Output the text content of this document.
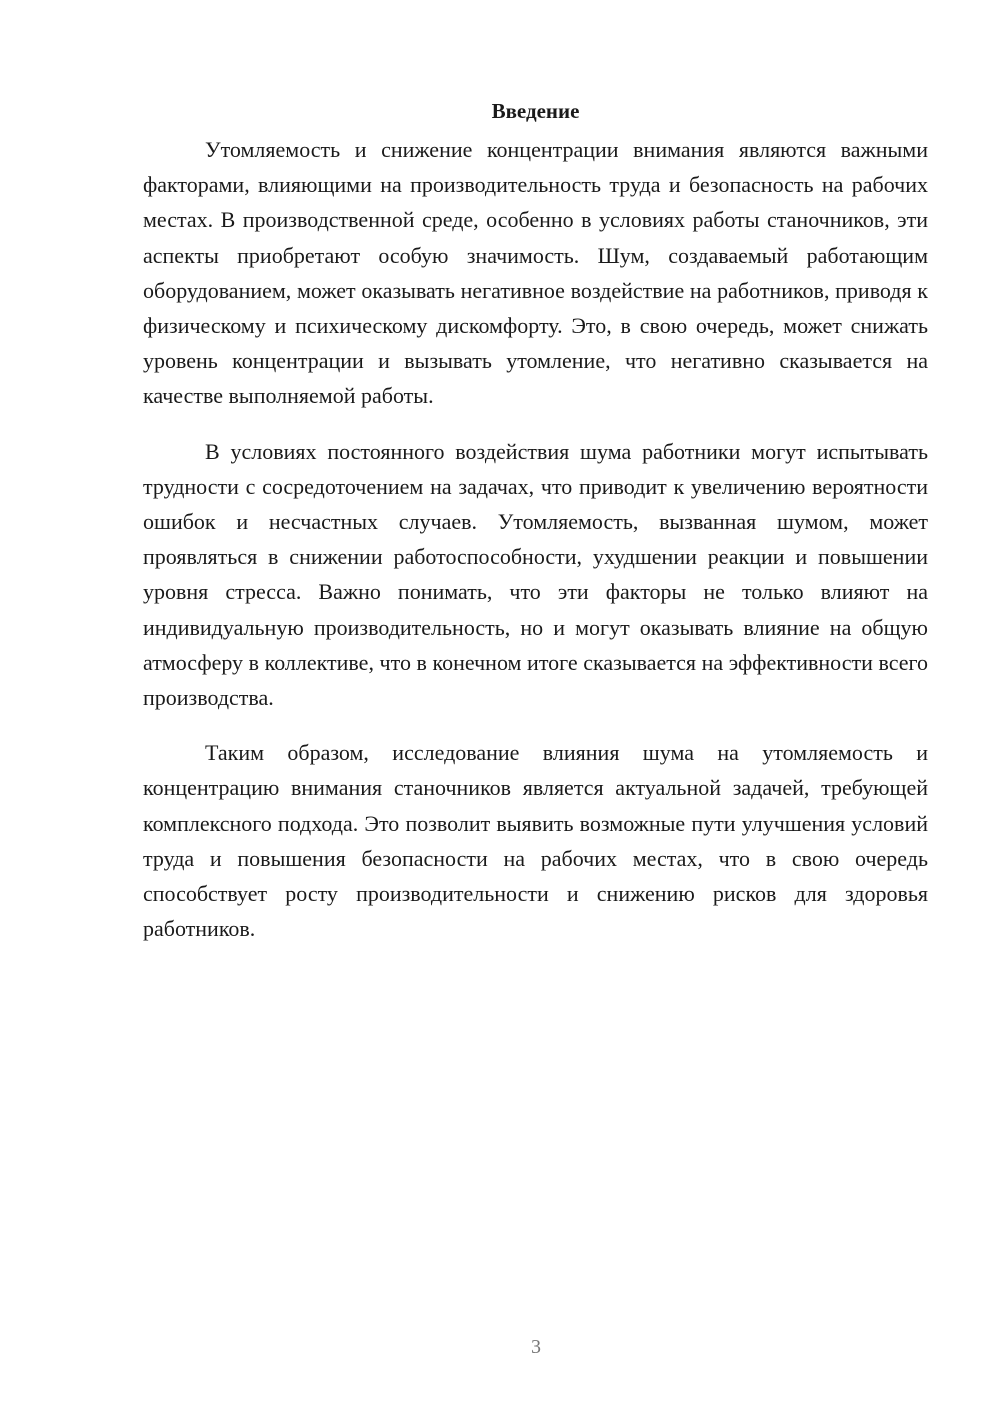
Введение

Утомляемость и снижение концентрации внимания являются важными факторами, влияющими на производительность труда и безопасность на рабочих местах. В производственной среде, особенно в условиях работы станочников, эти аспекты приобретают особую значимость. Шум, создаваемый работающим оборудованием, может оказывать негативное воздействие на работников, приводя к физическому и психическому дискомфорту. Это, в свою очередь, может снижать уровень концентрации и вызывать утомление, что негативно сказывается на качестве выполняемой работы.

В условиях постоянного воздействия шума работники могут испытывать трудности с сосредоточением на задачах, что приводит к увеличению вероятности ошибок и несчастных случаев. Утомляемость, вызванная шумом, может проявляться в снижении работоспособности, ухудшении реакции и повышении уровня стресса. Важно понимать, что эти факторы не только влияют на индивидуальную производительность, но и могут оказывать влияние на общую атмосферу в коллективе, что в конечном итоге сказывается на эффективности всего производства.

Таким образом, исследование влияния шума на утомляемость и концентрацию внимания станочников является актуальной задачей, требующей комплексного подхода. Это позволит выявить возможные пути улучшения условий труда и повышения безопасности на рабочих местах, что в свою очередь способствует росту производительности и снижению рисков для здоровья работников.

3
